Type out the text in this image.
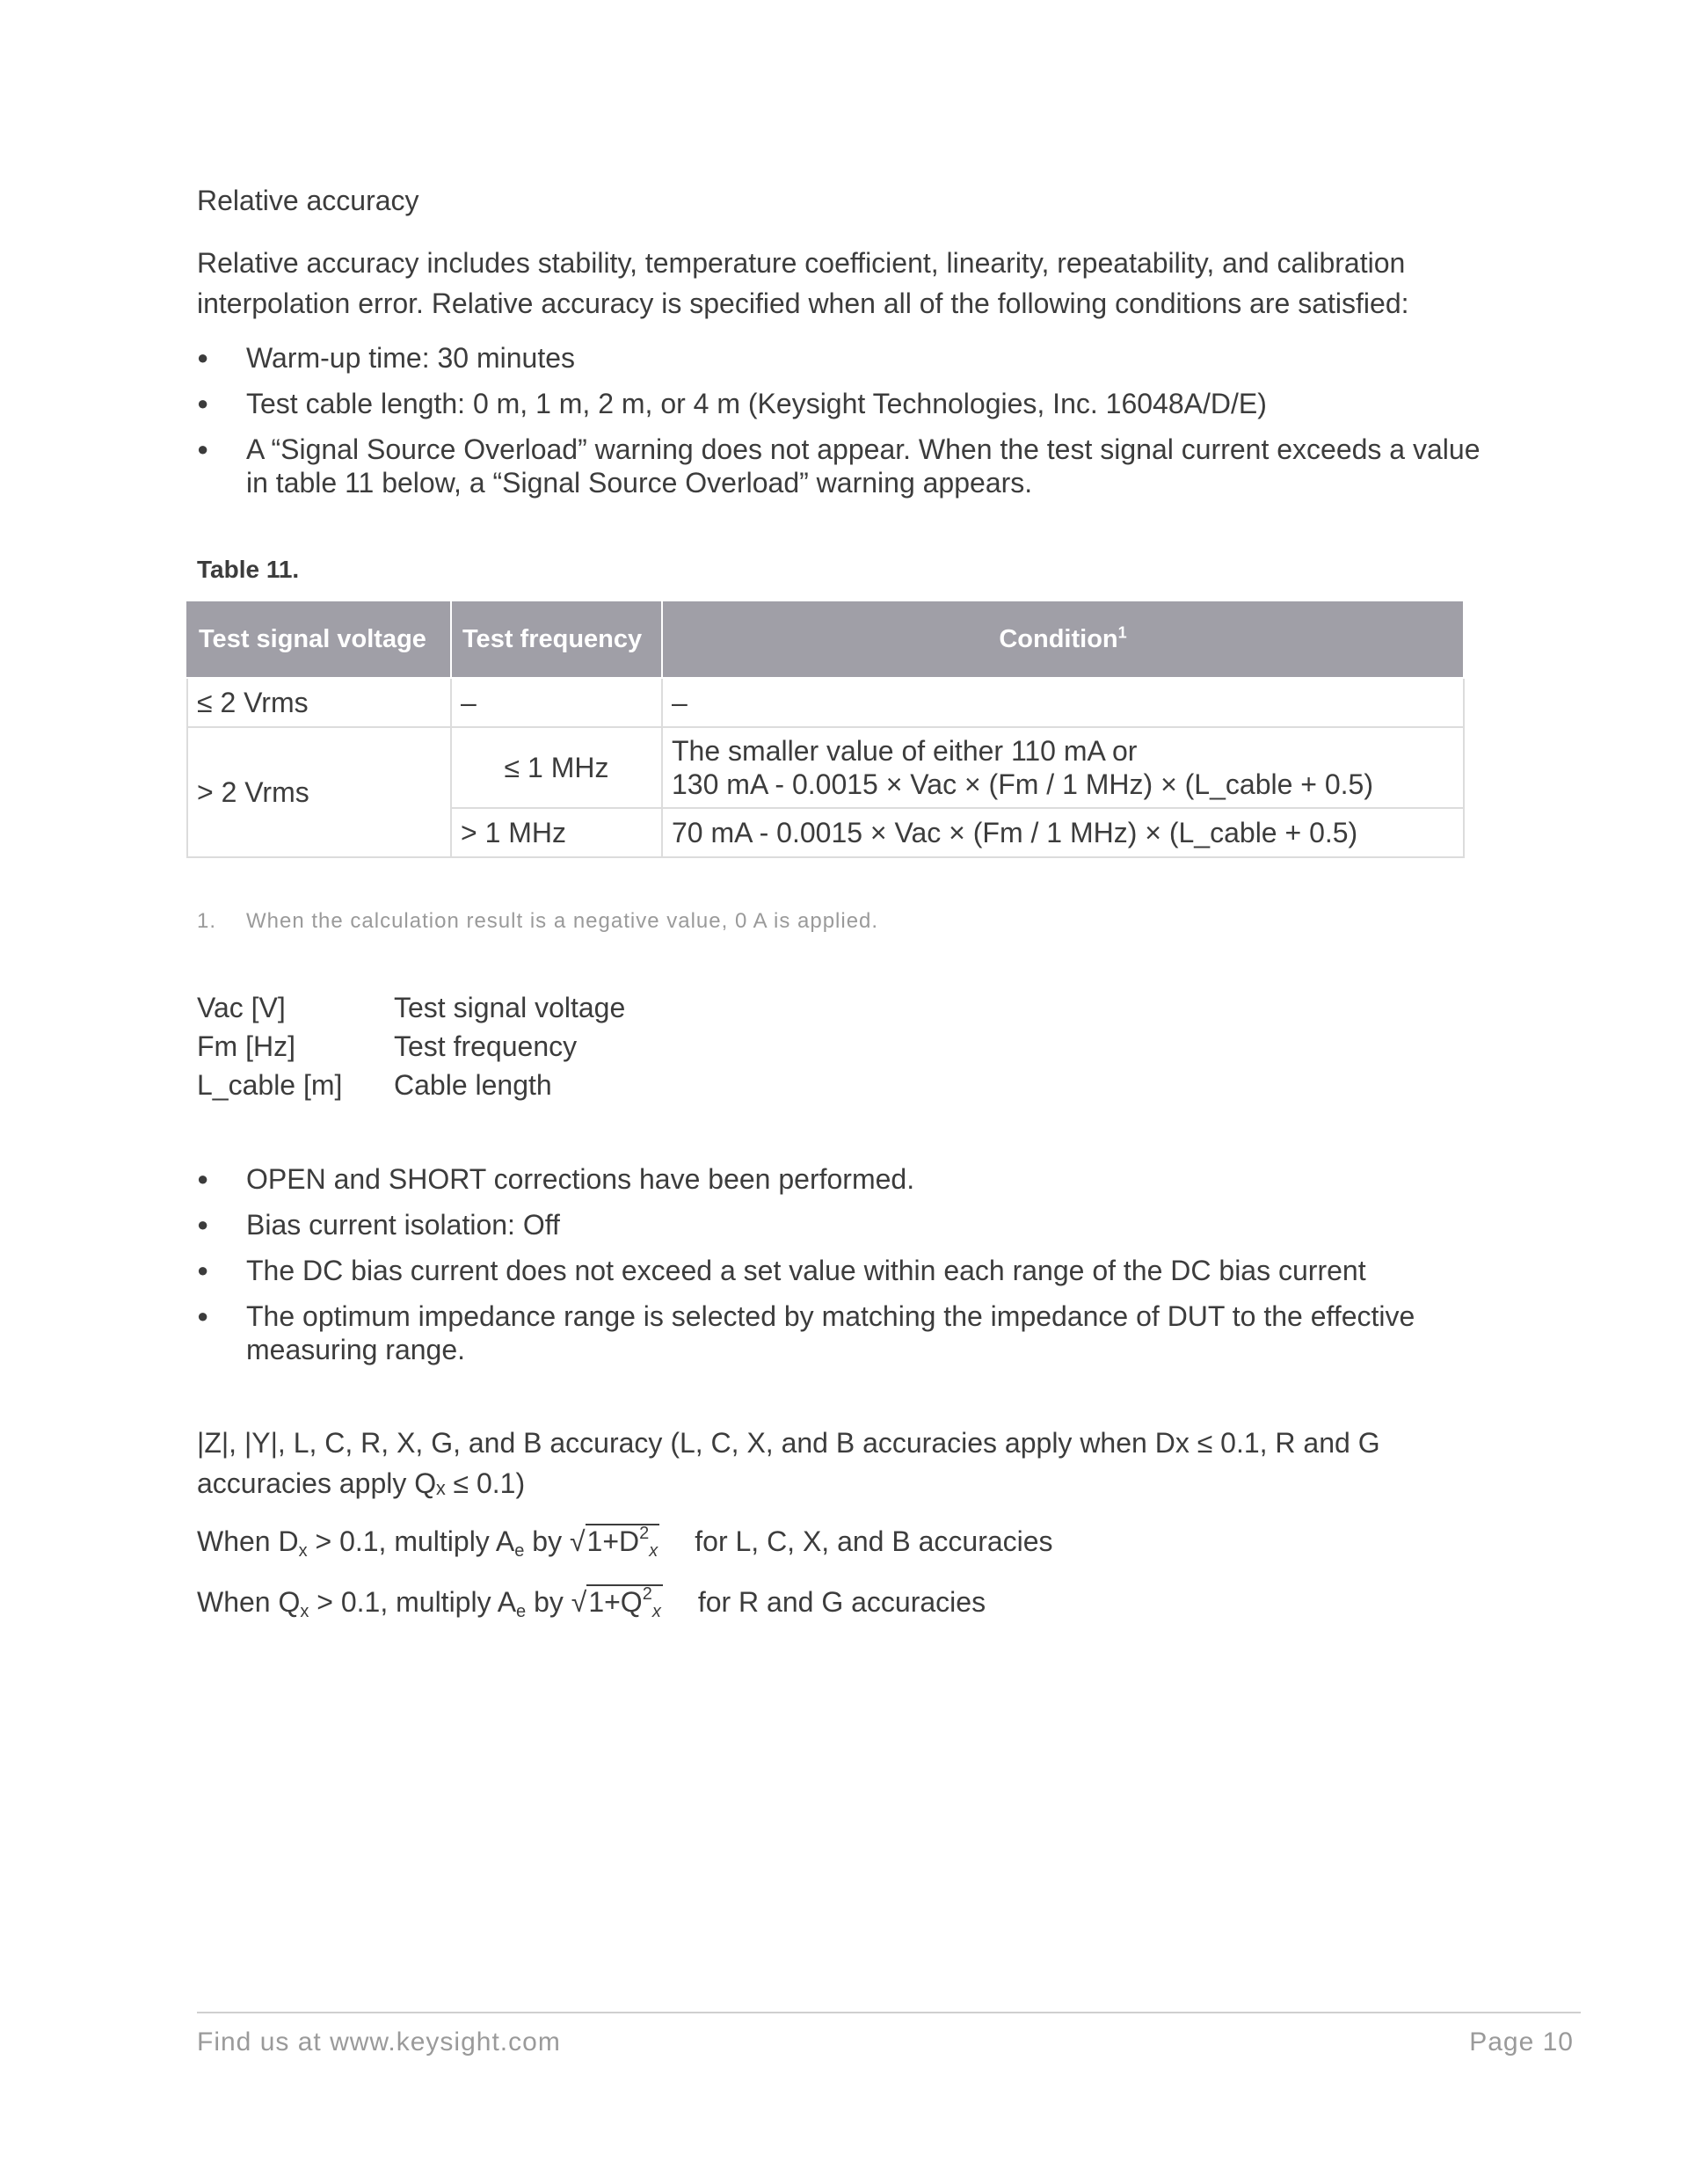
Relative accuracy

Relative accuracy includes stability, temperature coefficient, linearity, repeatability, and calibration interpolation error. Relative accuracy is specified when all of the following conditions are satisfied:

● Warm-up time: 30 minutes
● Test cable length: 0 m, 1 m, 2 m, or 4 m (Keysight Technologies, Inc. 16048A/D/E)
● A “Signal Source Overload” warning does not appear. When the test signal current exceeds a value in table 11 below, a “Signal Source Overload” warning appears.
Table 11.
Test signal voltage	Test frequency	Condition$^1$
≤ 2 Vrms	–	–
> 2 Vrms	≤ 1 MHz	The smaller value of either 110 mA or
130 mA - 0.0015 × Vac × (Fm / 1 MHz) × (L_cable + 0.5)

	> 1 MHz	70 mA - 0.0015 × Vac × (Fm / 1 MHz) × (L_cable + 0.5)
1. When the calculation result is a negative value, 0 A is applied.
Vac [V]	Test signal voltage
Fm [Hz]	Test frequency
L_cable [m]	Cable length
● OPEN and SHORT corrections have been performed.
● Bias current isolation: Off
● The DC bias current does not exceed a set value within each range of the DC bias current
● The optimum impedance range is selected by matching the impedance of DUT to the effective measuring range.

|Z|, |Y|, L, C, R, X, G, and B accuracy (L, C, X, and B accuracies apply when Dx ≤ 0.1, R and G accuracies apply Qₓ ≤ 0.1)

When $D_x > 0.1$, multiply $A_e$ by $√1+D^2x$ for L, C, X, and B accuracies
When $Q_x > 0.1$, multiply $A_e$ by $√1+Q^2x$ for R and G accuracies
Find us at www.keysight.com	Page 10
